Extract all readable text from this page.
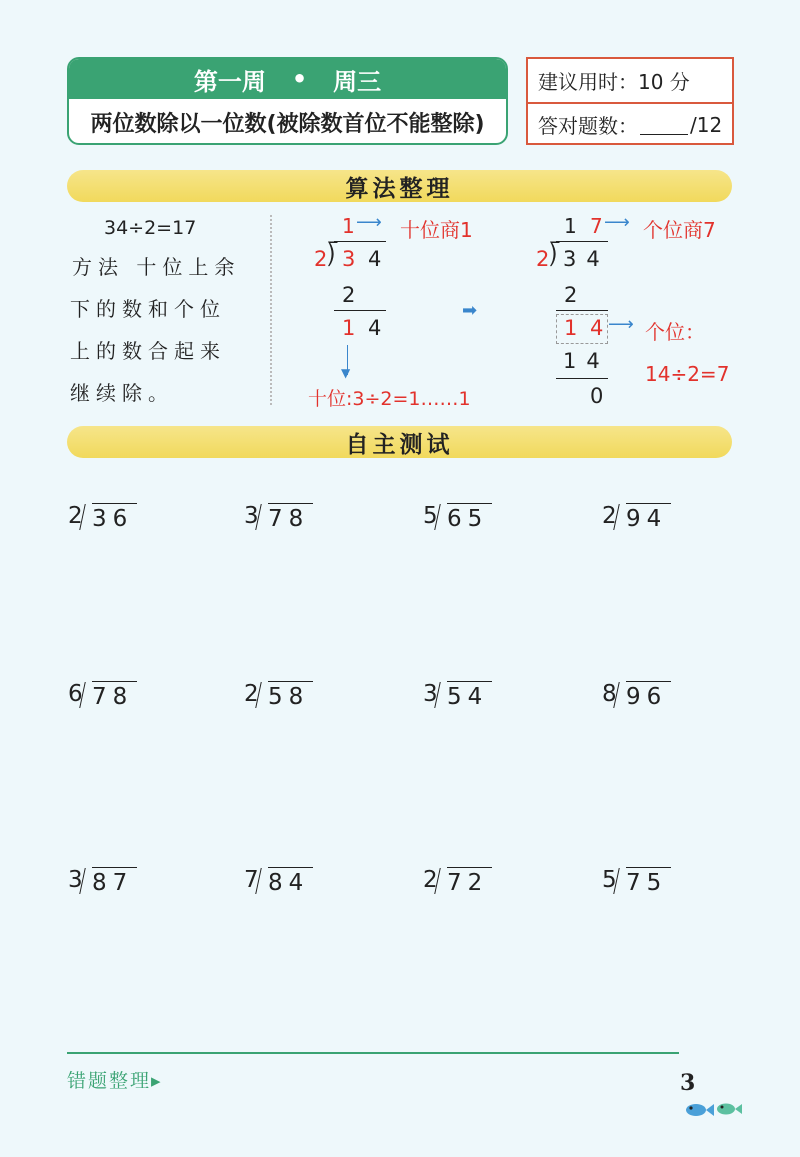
第一周 • 周三
两位数除以一位数(被除数首位不能整除)
建议用时：10 分
答对题数：	/12
算法整理
34÷2=17
方法 十位上余
下的数和个位
上的数合起来
继续除。
1 ⟶ 十位商1
2 ⟌ 3 4
2
1 4
▼
十位:3÷2=1……1
➡
1 7 ⟶ 个位商7
2 ⟌ 34
2
1 4 ⟶ 个位：
14
14÷2=7
0
自主测试
2 36	3 78	5 65	2 94
6 78	2 58	3 54	8 96
3 87	7 84	2 72	5 75
错题整理▸	3
